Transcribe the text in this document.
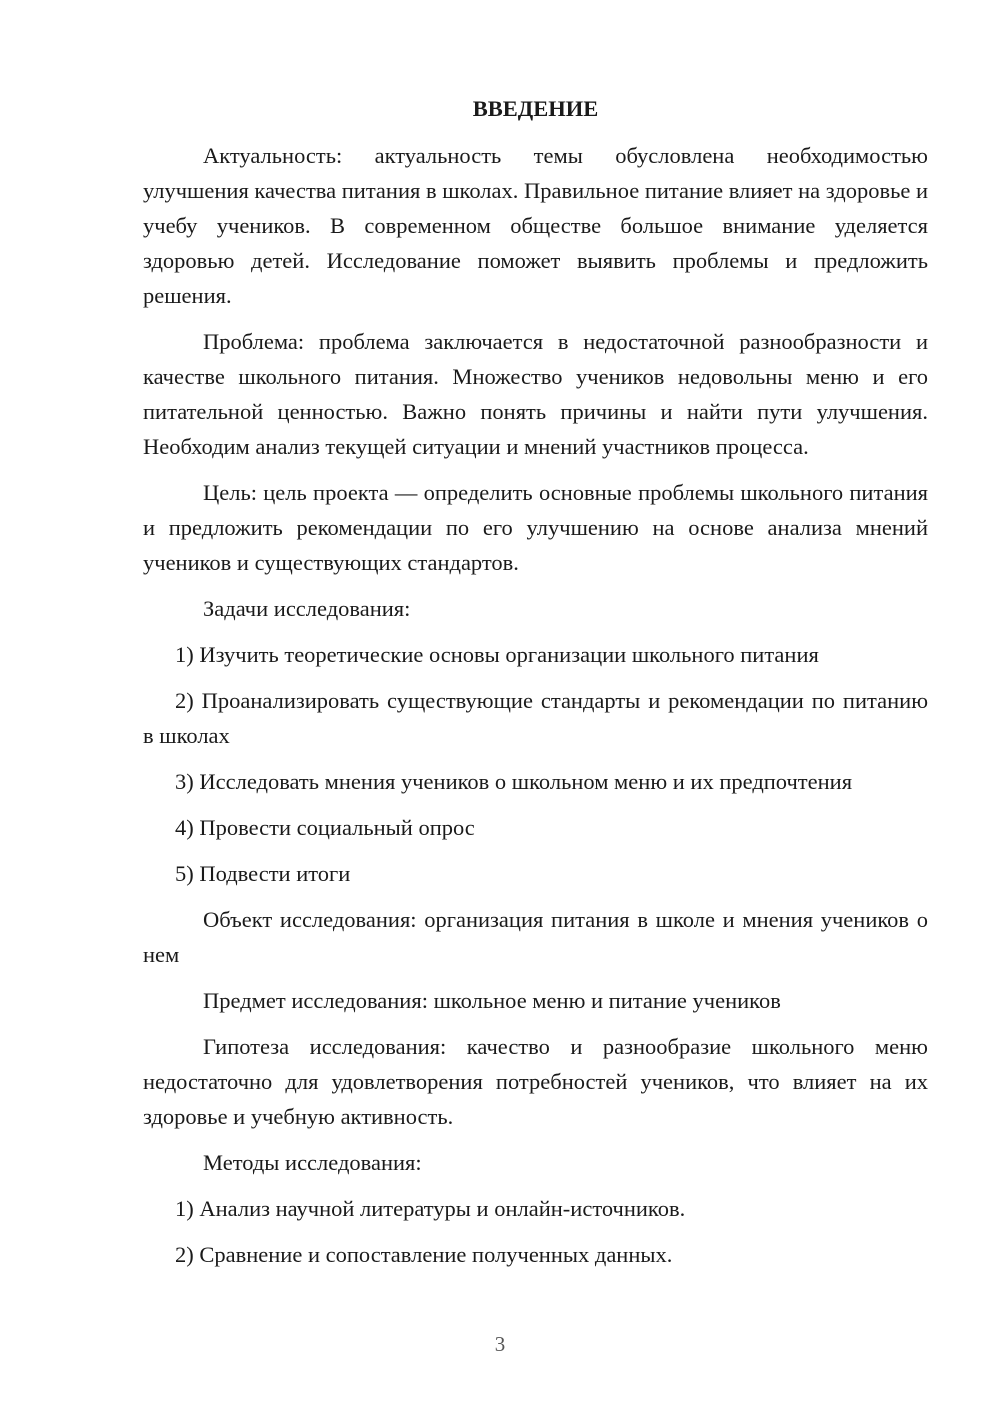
ВВЕДЕНИЕ

Актуальность: актуальность темы обусловлена необходимостью улучшения качества питания в школах. Правильное питание влияет на здоровье и учебу учеников. В современном обществе большое внимание уделяется здоровью детей. Исследование поможет выявить проблемы и предложить решения.

Проблема: проблема заключается в недостаточной разнообразности и качестве школьного питания. Множество учеников недовольны меню и его питательной ценностью. Важно понять причины и найти пути улучшения. Необходим анализ текущей ситуации и мнений участников процесса.

Цель: цель проекта — определить основные проблемы школьного питания и предложить рекомендации по его улучшению на основе анализа мнений учеников и существующих стандартов.

Задачи исследования:

1) Изучить теоретические основы организации школьного питания

2) Проанализировать существующие стандарты и рекомендации по питанию в школах

3) Исследовать мнения учеников о школьном меню и их предпочтения

4) Провести социальный опрос

5) Подвести итоги

Объект исследования: организация питания в школе и мнения учеников о нем

Предмет исследования: школьное меню и питание учеников

Гипотеза исследования: качество и разнообразие школьного меню недостаточно для удовлетворения потребностей учеников, что влияет на их здоровье и учебную активность.

Методы исследования:

1) Анализ научной литературы и онлайн-источников.

2) Сравнение и сопоставление полученных данных.

3
